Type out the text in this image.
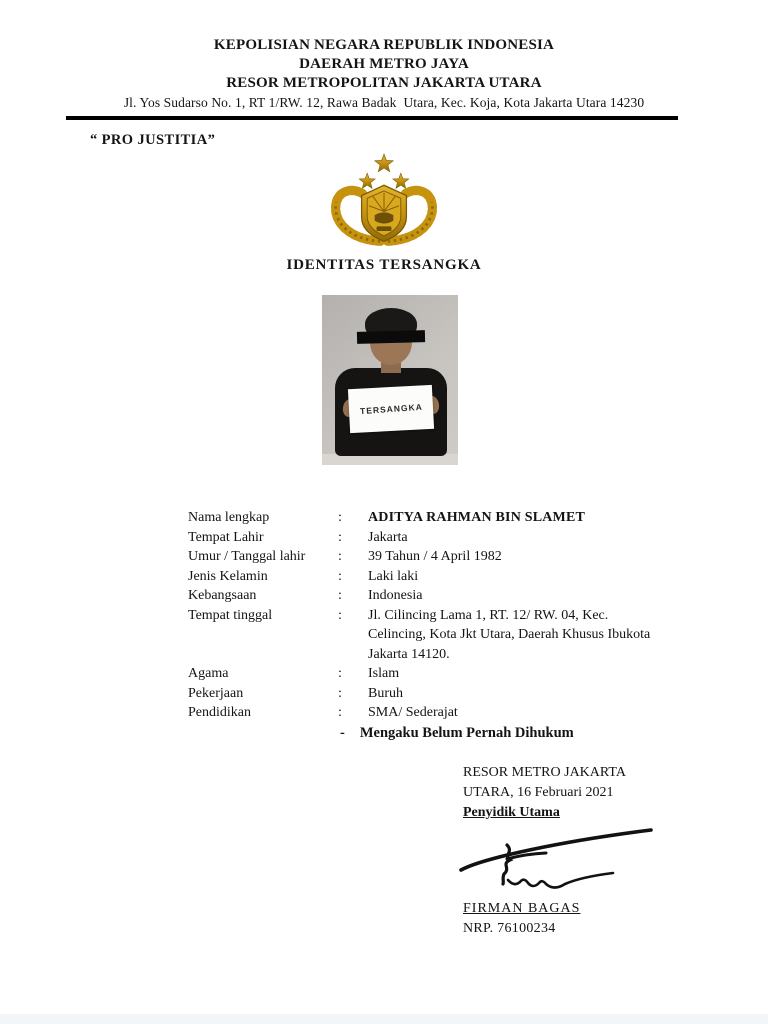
KEPOLISIAN NEGARA REPUBLIK INDONESIA
DAERAH METRO JAYA
RESOR METROPOLITAN JAKARTA UTARA
Jl. Yos Sudarso No. 1, RT 1/RW. 12, Rawa Badak  Utara, Kec. Koja, Kota Jakarta Utara 14230
“ PRO JUSTITIA”
IDENTITAS TERSANGKA
TERSANGKA
Nama lengkap	:	ADITYA RAHMAN BIN SLAMET
Tempat Lahir	:	Jakarta
Umur / Tanggal lahir	:	39 Tahun / 4 April 1982
Jenis Kelamin	:	Laki laki
Kebangsaan	:	Indonesia
Tempat tinggal	:	Jl. Cilincing Lama 1, RT. 12/ RW. 04, Kec. Celincing, Kota Jkt Utara, Daerah Khusus Ibukota Jakarta 14120.
Agama	:	Islam
Pekerjaan	:	Buruh
Pendidikan	:	SMA/ Sederajat
- Mengaku Belum Pernah Dihukum
RESOR METRO JAKARTA
UTARA, 16 Februari 2021
Penyidik Utama
FIRMAN BAGAS
NRP. 76100234
